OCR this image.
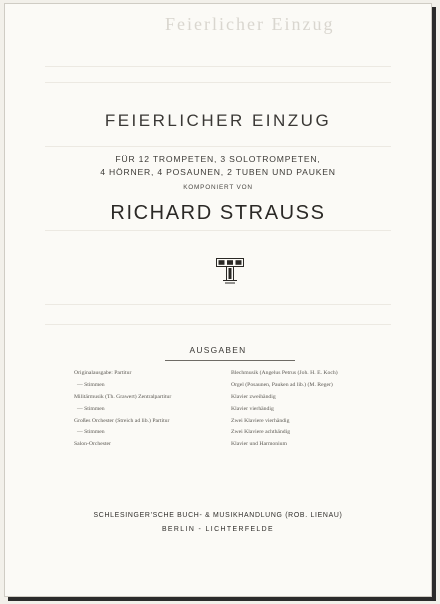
Feierlicher Einzug
FEIERLICHER EINZUG
FÜR 12 TROMPETEN, 3 SOLOTROMPETEN,
4 HÖRNER, 4 POSAUNEN, 2 TUBEN UND PAUKEN
KOMPONIERT VON
RICHARD STRAUSS
AUSGABEN
Originalausgabe: Partitur
— Stimmen
Militärmusik (Th. Grawert) Zentralpartitur
— Stimmen
Großes Orchester (Streich ad lib.) Partitur
— Stimmen
Salon-Orchester
Blechmusik (Angelus Petrus (Joh. H. E. Koch)
Orgel (Posaunen, Pauken ad lib.) (M. Reger)
Klavier zweihändig
Klavier vierhändig
Zwei Klaviere vierhändig
Zwei Klaviere achthändig
Klavier und Harmonium
SCHLESINGER'SCHE BUCH- & MUSIKHANDLUNG (ROB. LIENAU)
BERLIN - LICHTERFELDE
